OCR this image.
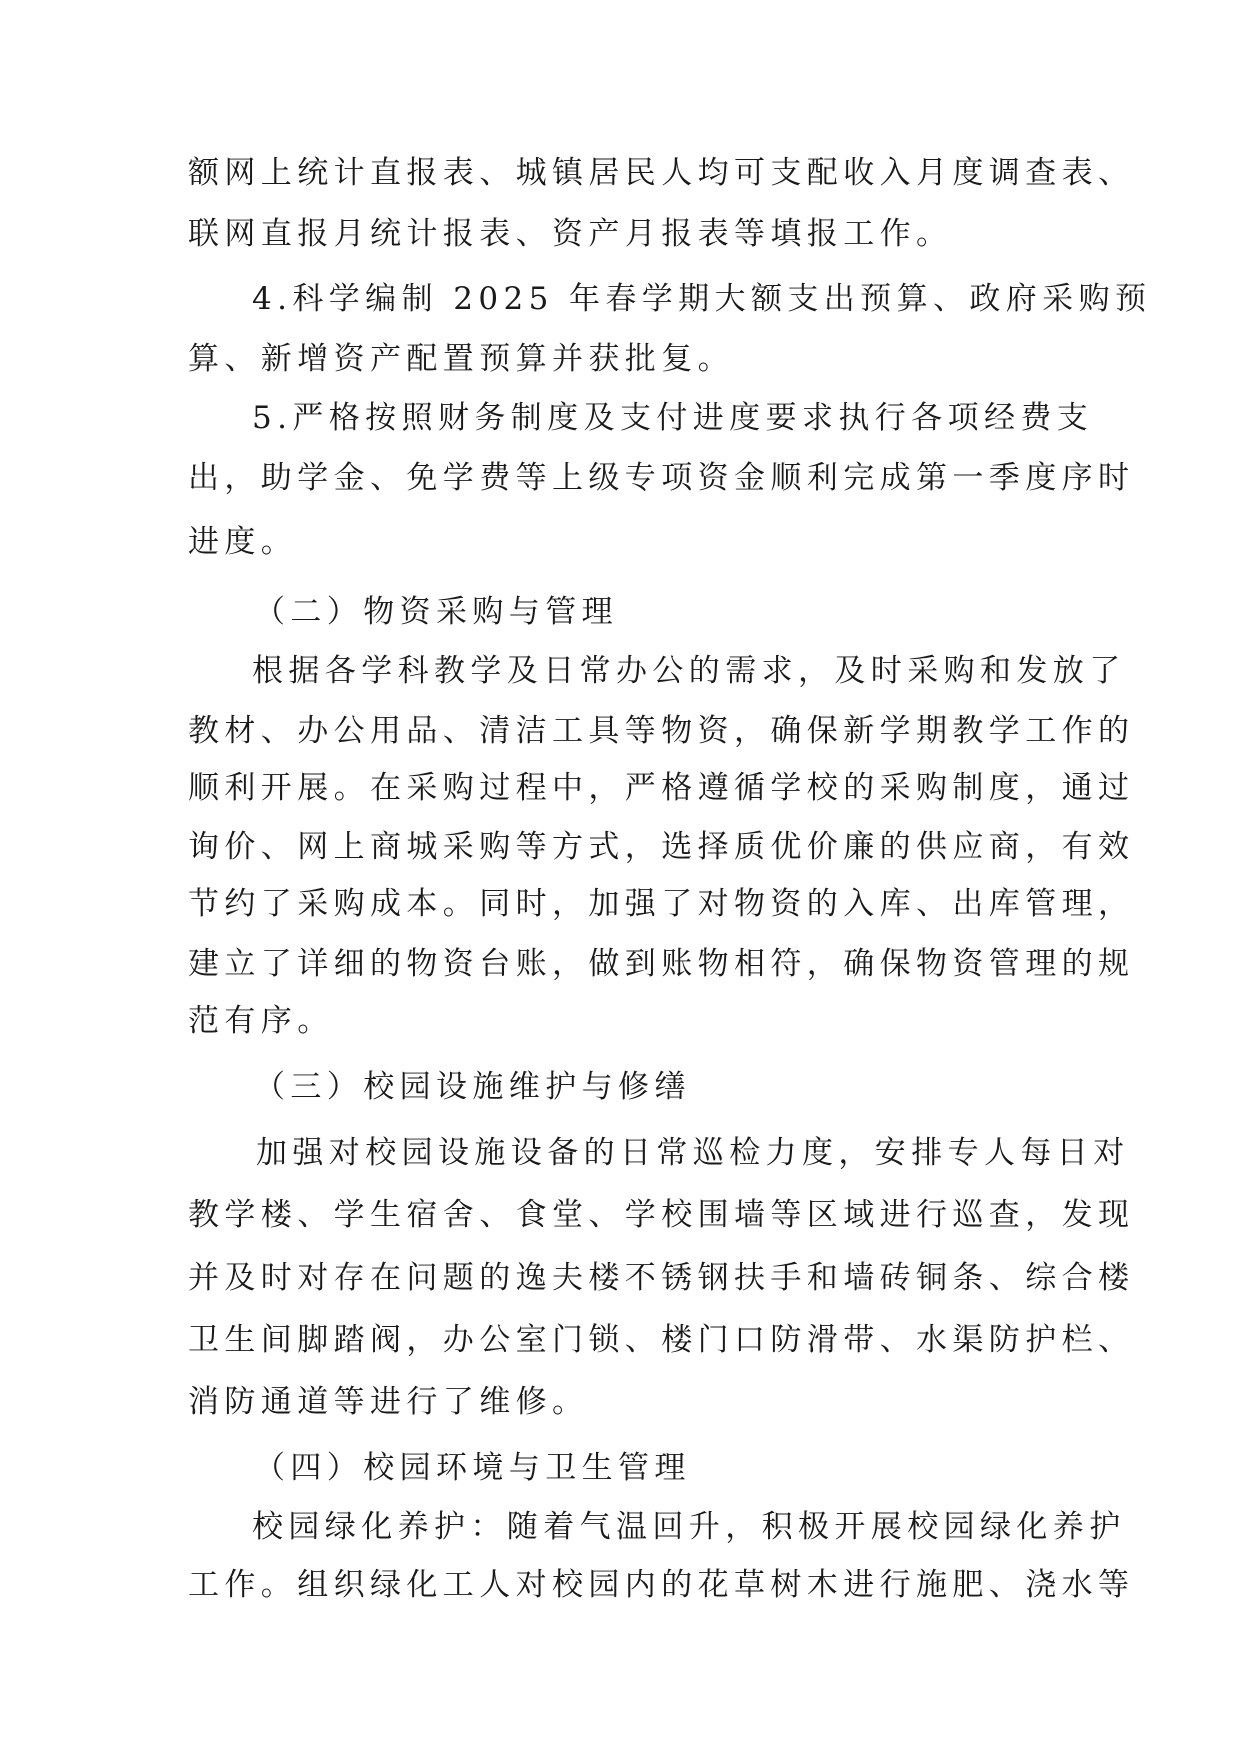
额网上统计直报表、城镇居民人均可支配收入月度调查表、
联网直报月统计报表、资产月报表等填报工作。
4.科学编制 2025 年春学期大额支出预算、政府采购预
算、新增资产配置预算并获批复。
5.严格按照财务制度及支付进度要求执行各项经费支
出，助学金、免学费等上级专项资金顺利完成第一季度序时
进度。
（二）物资采购与管理
根据各学科教学及日常办公的需求，及时采购和发放了
教材、办公用品、清洁工具等物资，确保新学期教学工作的
顺利开展。在采购过程中，严格遵循学校的采购制度，通过
询价、网上商城采购等方式，选择质优价廉的供应商，有效
节约了采购成本。同时，加强了对物资的入库、出库管理，
建立了详细的物资台账，做到账物相符，确保物资管理的规
范有序。
（三）校园设施维护与修缮
加强对校园设施设备的日常巡检力度，安排专人每日对
教学楼、学生宿舍、食堂、学校围墙等区域进行巡查，发现
并及时对存在问题的逸夫楼不锈钢扶手和墙砖铜条、综合楼
卫生间脚踏阀，办公室门锁、楼门口防滑带、水渠防护栏、
消防通道等进行了维修。
（四）校园环境与卫生管理
校园绿化养护：随着气温回升，积极开展校园绿化养护
工作。组织绿化工人对校园内的花草树木进行施肥、浇水等
